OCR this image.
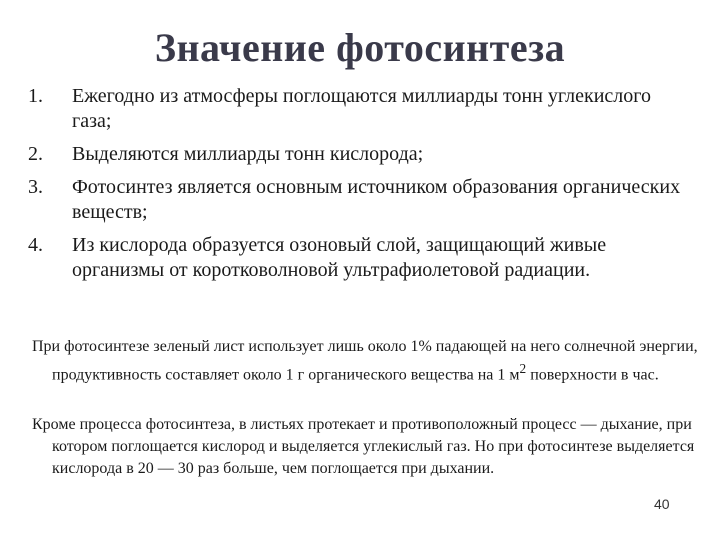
Значение фотосинтеза
1.	Ежегодно из атмосферы поглощаются миллиарды тонн углекислого газа;
2.	Выделяются миллиарды тонн кислорода;
3.	Фотосинтез является основным источником образования органических веществ;
4.	Из кислорода образуется озоновый слой, защищающий живые организмы от коротковолновой ультрафиолетовой радиации.
При фотосинтезе зеленый лист использует лишь около 1% падающей на него солнечной энергии, продуктивность составляет около 1 г органического вещества на 1 $м^2$ поверхности в час.
Кроме процесса фотосинтеза, в листьях протекает и противоположный процесс — дыхание, при котором поглощается кислород и выделяется углекислый газ. Но при фотосинтезе выделяется кислорода в 20 — 30 раз больше, чем поглощается при дыхании.
40
